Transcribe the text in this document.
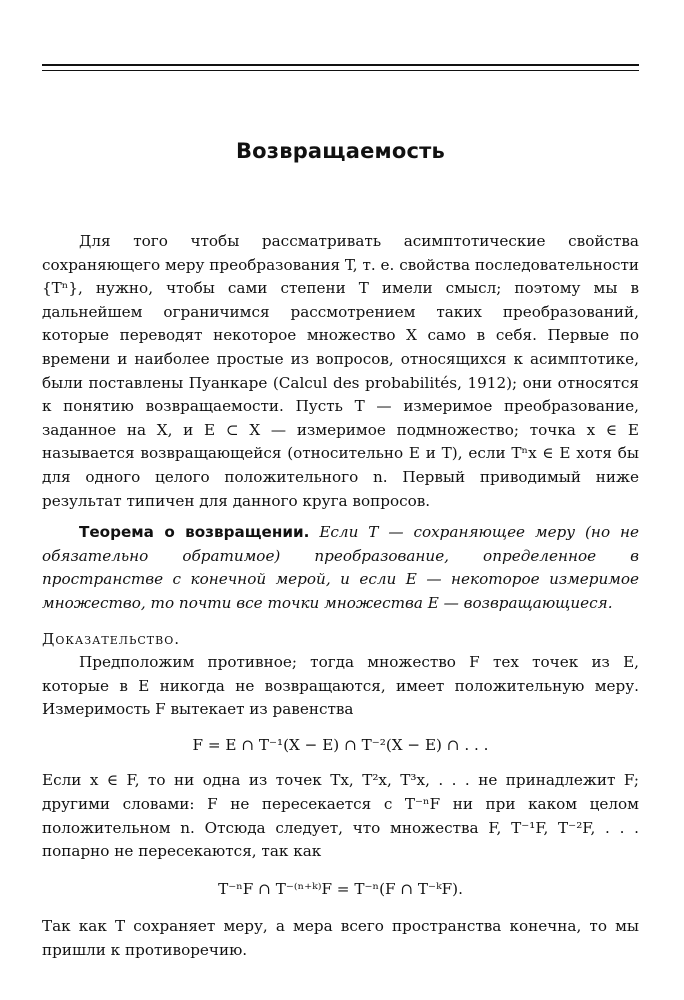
Возвращаемость

Для того чтобы рассматривать асимптотические свойства сохраняющего меру преобразования T, т. е. свойства последовательности {Tⁿ}, нужно, чтобы сами степени T имели смысл; поэтому мы в дальнейшем ограничимся рассмотрением таких преобразований, которые переводят некоторое множество X само в себя. Первые по времени и наиболее простые из вопросов, относящихся к асимптотике, были поставлены Пуанкаре (Calcul des probabilités, 1912); они относятся к понятию возвращаемости. Пусть T — измеримое преобразование, заданное на X, и E ⊂ X — измеримое подмножество; точка x ∈ E называется возвращающейся (относительно E и T), если Tⁿx ∈ E хотя бы для одного целого положительного n. Первый приводимый ниже результат типичен для данного круга вопросов.

Теорема о возвращении. Если T — сохраняющее меру (но не обязательно обратимое) преобразование, определенное в пространстве с конечной мерой, и если E — некоторое измеримое множество, то почти все точки множества E — возвращающиеся.

Доказательство.

Предположим противное; тогда множество F тех точек из E, которые в E никогда не возвращаются, имеет положительную меру. Измеримость F вытекает из равенства

F = E ∩ T⁻¹(X − E) ∩ T⁻²(X − E) ∩ . . .

Если x ∈ F, то ни одна из точек Tx, T²x, T³x, . . . не принадлежит F; другими словами: F не пересекается с T⁻ⁿF ни при каком целом положительном n. Отсюда следует, что множества F, T⁻¹F, T⁻²F, . . . попарно не пересекаются, так как

T⁻ⁿF ∩ T⁻⁽ⁿ⁺ᵏ⁾F = T⁻ⁿ(F ∩ T⁻ᵏF).

Так как T сохраняет меру, а мера всего пространства конечна, то мы пришли к противоречию.
